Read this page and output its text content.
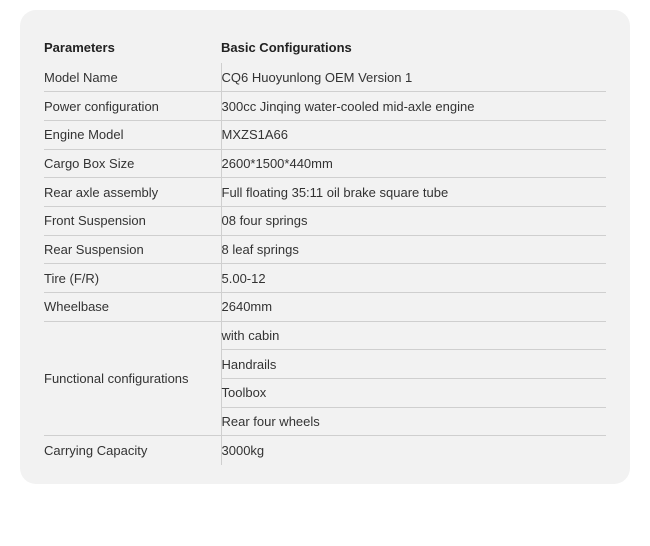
Parameters	Basic Configurations
Model Name	CQ6 Huoyunlong OEM Version 1
Power configuration	300cc Jinqing water-cooled mid-axle engine
Engine Model	MXZS1A66
Cargo Box Size	2600*1500*440mm
Rear axle assembly	Full floating 35:11 oil brake square tube
Front Suspension	08 four springs
Rear Suspension	8 leaf springs
Tire (F/R)	5.00-12
Wheelbase	2640mm
Functional configurations	with cabin
	Handrails
	Toolbox
	Rear four wheels
Carrying Capacity	3000kg
